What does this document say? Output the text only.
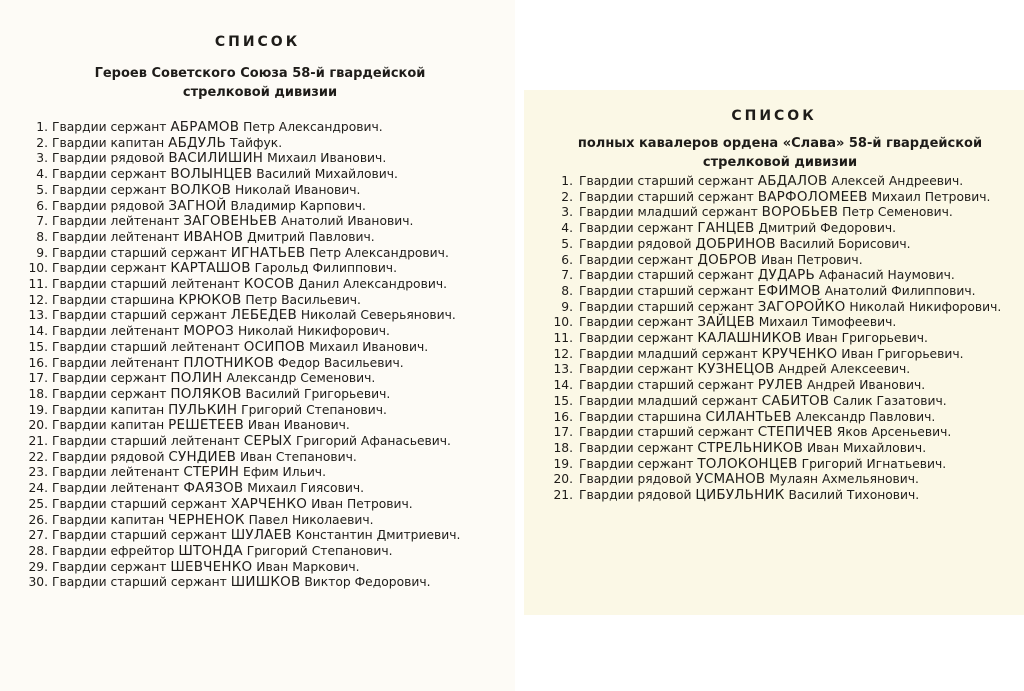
СПИСОК
Героев Советского Союза 58-й гвардейской
стрелковой дивизии
1. Гвардии сержант АБРАМОВ Петр Александрович.
2. Гвардии капитан АБДУЛЬ Тайфук.
3. Гвардии рядовой ВАСИЛИШИН Михаил Иванович.
4. Гвардии сержант ВОЛЫНЦЕВ Василий Михайлович.
5. Гвардии сержант ВОЛКОВ Николай Иванович.
6. Гвардии рядовой ЗАГНОЙ Владимир Карпович.
7. Гвардии лейтенант ЗАГОВЕНЬЕВ Анатолий Иванович.
8. Гвардии лейтенант ИВАНОВ Дмитрий Павлович.
9. Гвардии старший сержант ИГНАТЬЕВ Петр Александрович.
10. Гвардии сержант КАРТАШОВ Гарольд Филиппович.
11. Гвардии старший лейтенант КОСОВ Данил Александрович.
12. Гвардии старшина КРЮКОВ Петр Васильевич.
13. Гвардии старший сержант ЛЕБЕДЕВ Николай Северьянович.
14. Гвардии лейтенант МОРОЗ Николай Никифорович.
15. Гвардии старший лейтенант ОСИПОВ Михаил Иванович.
16. Гвардии лейтенант ПЛОТНИКОВ Федор Васильевич.
17. Гвардии сержант ПОЛИН Александр Семенович.
18. Гвардии сержант ПОЛЯКОВ Василий Григорьевич.
19. Гвардии капитан ПУЛЬКИН Григорий Степанович.
20. Гвардии капитан РЕШЕТЕЕВ Иван Иванович.
21. Гвардии старший лейтенант СЕРЫХ Григорий Афанасьевич.
22. Гвардии рядовой СУНДИЕВ Иван Степанович.
23. Гвардии лейтенант СТЕРИН Ефим Ильич.
24. Гвардии лейтенант ФАЯЗОВ Михаил Гиясович.
25. Гвардии старший сержант ХАРЧЕНКО Иван Петрович.
26. Гвардии капитан ЧЕРНЕНОК Павел Николаевич.
27. Гвардии старший сержант ШУЛАЕВ Константин Дмитриевич.
28. Гвардии ефрейтор ШТОНДА Григорий Степанович.
29. Гвардии сержант ШЕВЧЕНКО Иван Маркович.
30. Гвардии старший сержант ШИШКОВ Виктор Федорович.
СПИСОК
полных кавалеров ордена «Слава» 58-й гвардейской
стрелковой дивизии
1. Гвардии старший сержант АБДАЛОВ Алексей Андреевич.
2. Гвардии старший сержант ВАРФОЛОМЕЕВ Михаил Петрович.
3. Гвардии младший сержант ВОРОБЬЕВ Петр Семенович.
4. Гвардии сержант ГАНЦЕВ Дмитрий Федорович.
5. Гвардии рядовой ДОБРИНОВ Василий Борисович.
6. Гвардии сержант ДОБРОВ Иван Петрович.
7. Гвардии старший сержант ДУДАРЬ Афанасий Наумович.
8. Гвардии старший сержант ЕФИМОВ Анатолий Филиппович.
9. Гвардии старший сержант ЗАГОРОЙКО Николай Никифорович.
10. Гвардии сержант ЗАЙЦЕВ Михаил Тимофеевич.
11. Гвардии сержант КАЛАШНИКОВ Иван Григорьевич.
12. Гвардии младший сержант КРУЧЕНКО Иван Григорьевич.
13. Гвардии сержант КУЗНЕЦОВ Андрей Алексеевич.
14. Гвардии старший сержант РУЛЕВ Андрей Иванович.
15. Гвардии младший сержант САБИТОВ Салик Газатович.
16. Гвардии старшина СИЛАНТЬЕВ Александр Павлович.
17. Гвардии старший сержант СТЕПИЧЕВ Яков Арсеньевич.
18. Гвардии сержант СТРЕЛЬНИКОВ Иван Михайлович.
19. Гвардии сержант ТОЛОКОНЦЕВ Григорий Игнатьевич.
20. Гвардии рядовой УСМАНОВ Мулаян Ахмельянович.
21. Гвардии рядовой ЦИБУЛЬНИК Василий Тихонович.
